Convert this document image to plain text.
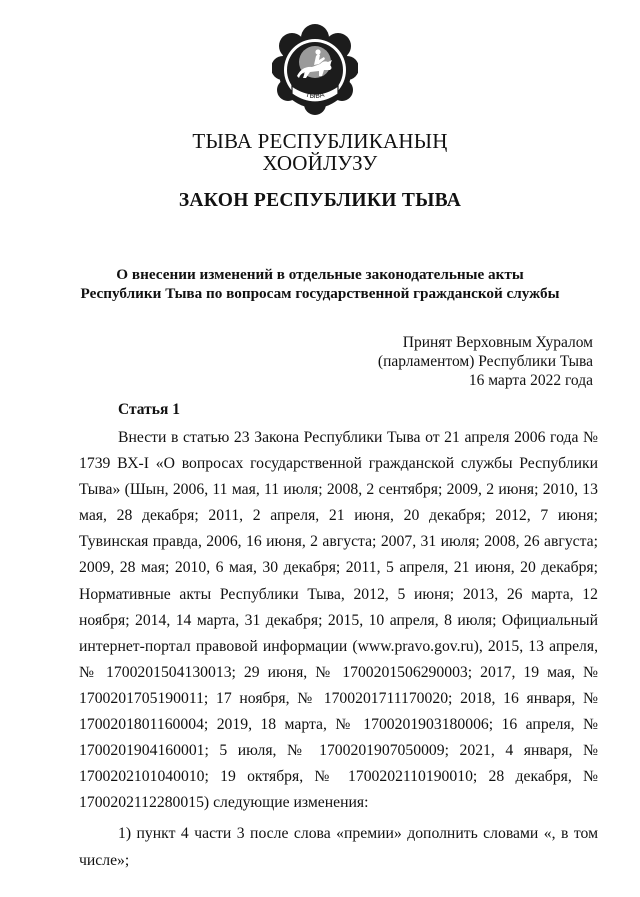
ТЫВА
ТЫВА РЕСПУБЛИКАНЫҢ
ХООЙЛУЗУ
ЗАКОН РЕСПУБЛИКИ ТЫВА
О внесении изменений в отдельные законодательные акты
Республики Тыва по вопросам государственной гражданской службы
Принят Верховным Хуралом
(парламентом) Республики Тыва
16 марта 2022 года
Статья 1

Внести в статью 23 Закона Республики Тыва от 21 апреля 2006 года № 1739 ВХ-I «О вопросах государственной гражданской службы Республики Тыва» (Шын, 2006, 11 мая, 11 июля; 2008, 2 сентября; 2009, 2 июня; 2010, 13 мая, 28 декабря; 2011, 2 апреля, 21 июня, 20 декабря; 2012, 7 июня; Тувинская правда, 2006, 16 июня, 2 августа; 2007, 31 июля; 2008, 26 августа; 2009, 28 мая; 2010, 6 мая, 30 декабря; 2011, 5 апреля, 21 июня, 20 декабря; Нормативные акты Республики Тыва, 2012, 5 июня; 2013, 26 марта, 12 ноября; 2014, 14 марта, 31 декабря; 2015, 10 апреля, 8 июля; Официальный интернет-портал правовой информации (www.pravo.gov.ru), 2015, 13 апреля, № 1700201504130013; 29 июня, № 1700201506290003; 2017, 19 мая, № 1700201705190011; 17 ноября, № 1700201711170020; 2018, 16 января, № 1700201801160004; 2019, 18 марта, № 1700201903180006; 16 апреля, № 1700201904160001; 5 июля, № 1700201907050009; 2021, 4 января, № 1700202101040010; 19 октября, № 1700202110190010; 28 декабря, № 1700202112280015) следующие изменения:

1) пункт 4 части 3 после слова «премии» дополнить словами «, в том числе»;
